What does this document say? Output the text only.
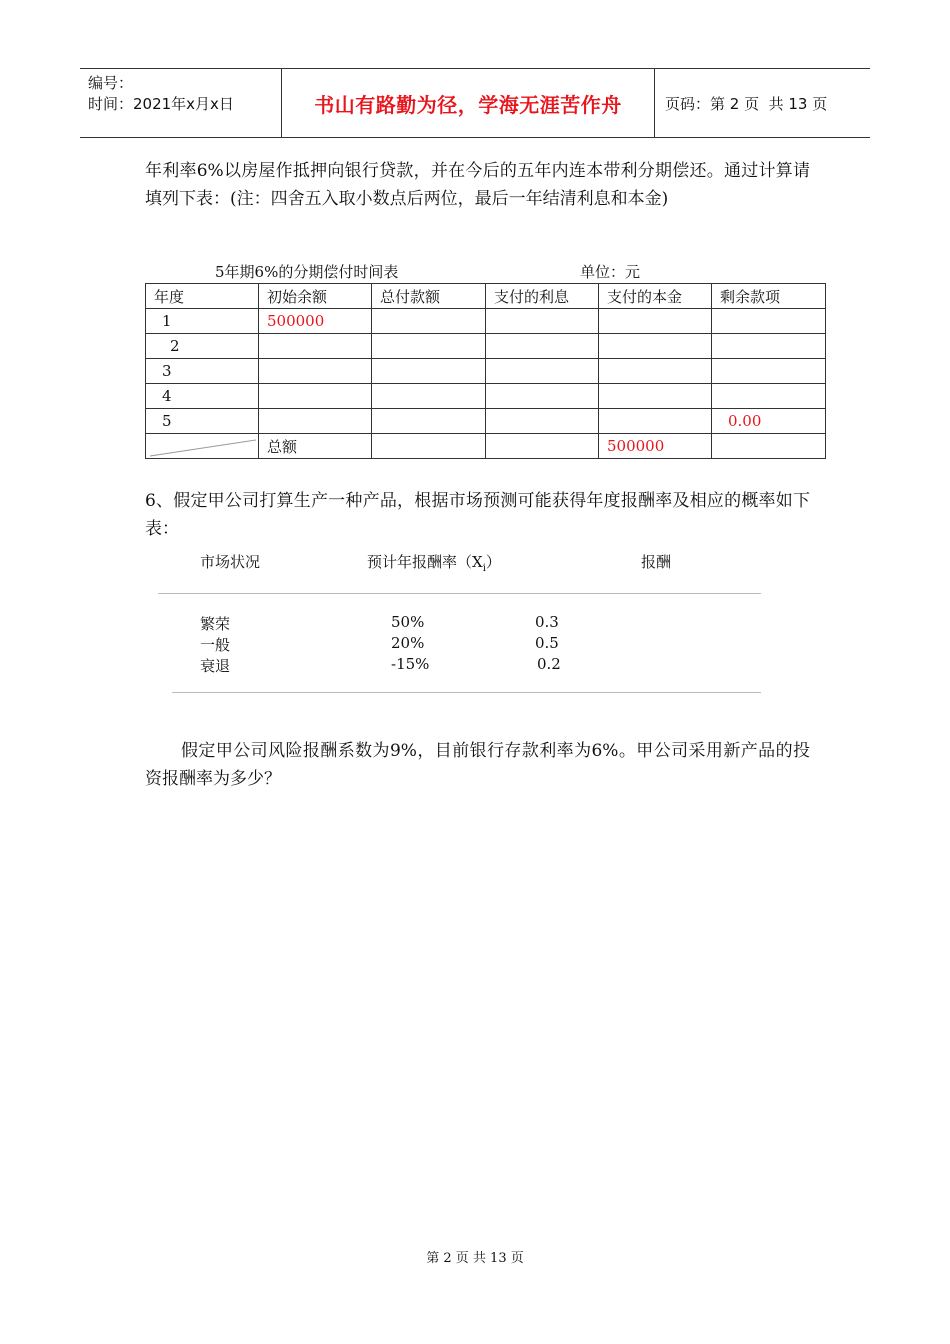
编号：
时间：2021年x月x日	书山有路勤为径，学海无涯苦作舟	页码：第 2 页  共 13 页
年利率6%以房屋作抵押向银行贷款，并在今后的五年内连本带利分期偿还。通过计算请填列下表：(注：四舍五入取小数点后两位，最后一年结清利息和本金)
5年期6%的分期偿付时间表	单位：元
年度	初始余额	总付款额	支付的利息	支付的本金	剩余款项
1	500000				
2					
3					
4					
5					0.00

	总额			500000	
6、假定甲公司打算生产一种产品，根据市场预测可能获得年度报酬率及相应的概率如下表：
市场状况	预计年报酬率$(X_i)$	报酬
繁荣	50%	0.3
一般	20%	0.5
衰退	-15%	0.2
假定甲公司风险报酬系数为9%，目前银行存款利率为6%。甲公司采用新产品的投资报酬率为多少？
第 2 页 共 13 页
